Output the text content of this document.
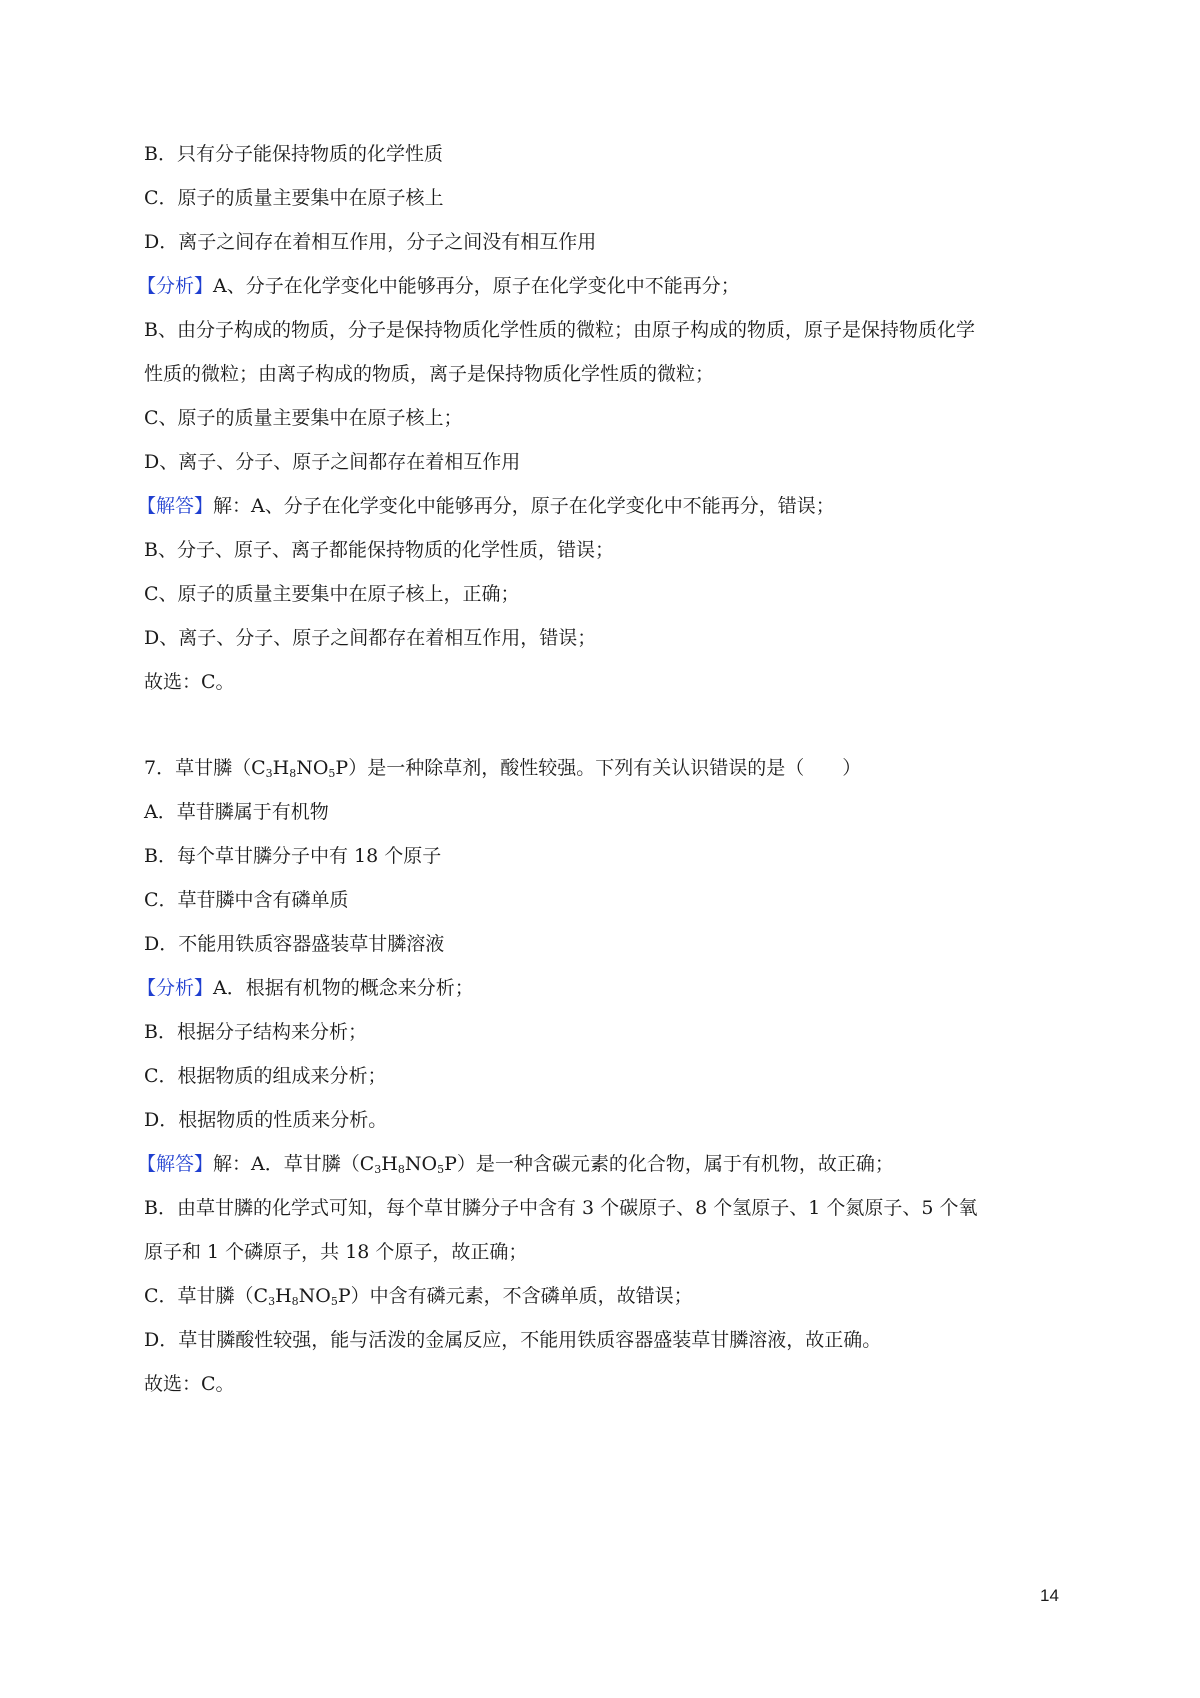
B．只有分子能保持物质的化学性质
C．原子的质量主要集中在原子核上
D．离子之间存在着相互作用，分子之间没有相互作用
【分析】A、分子在化学变化中能够再分，原子在化学变化中不能再分；
B、由分子构成的物质，分子是保持物质化学性质的微粒；由原子构成的物质，原子是保持物质化学
性质的微粒；由离子构成的物质，离子是保持物质化学性质的微粒；
C、原子的质量主要集中在原子核上；
D、离子、分子、原子之间都存在着相互作用
【解答】解：A、分子在化学变化中能够再分，原子在化学变化中不能再分，错误；
B、分子、原子、离子都能保持物质的化学性质，错误；
C、原子的质量主要集中在原子核上，正确；
D、离子、分子、原子之间都存在着相互作用，错误；
故选：C。
7．草甘膦$(C_3H_8NO_5P)$是一种除草剂，酸性较强。下列有关认识错误的是（　　）
A．草苷膦属于有机物
B．每个草甘膦分子中有 18 个原子
C．草苷膦中含有磷单质
D．不能用铁质容器盛装草甘膦溶液
【分析】A．根据有机物的概念来分析；
B．根据分子结构来分析；
C．根据物质的组成来分析；
D．根据物质的性质来分析。
【解答】解：A．草甘膦$(C_3H_8NO_5P)$是一种含碳元素的化合物，属于有机物，故正确；
B．由草甘膦的化学式可知，每个草甘膦分子中含有 3 个碳原子、8 个氢原子、1 个氮原子、5 个氧
原子和 1 个磷原子，共 18 个原子，故正确；
C．草甘膦$(C_3H_8NO_5P)$中含有磷元素，不含磷单质，故错误；
D．草甘膦酸性较强，能与活泼的金属反应，不能用铁质容器盛装草甘膦溶液，故正确。
故选：C。
14
